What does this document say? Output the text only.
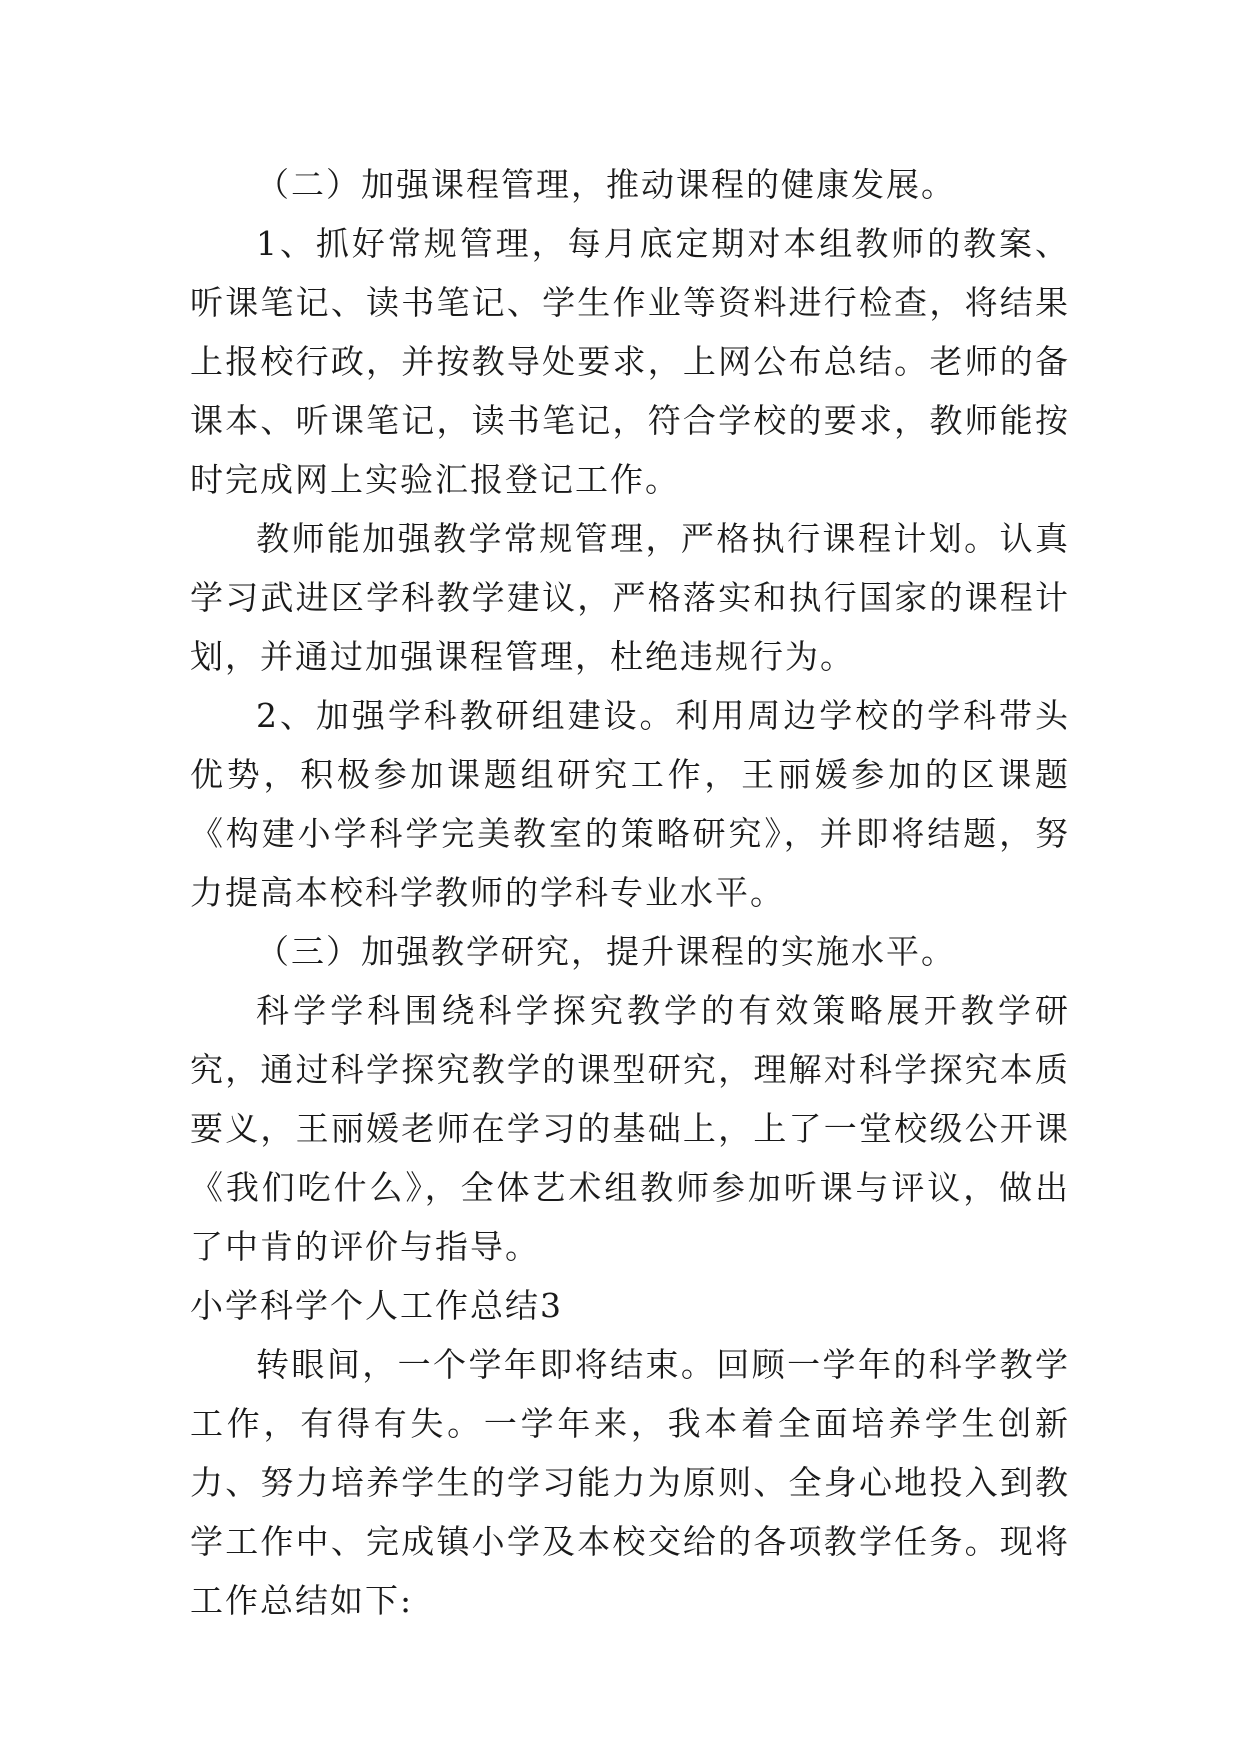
（二）加强课程管理，推动课程的健康发展。

1、抓好常规管理，每月底定期对本组教师的教案、听课笔记、读书笔记、学生作业等资料进行检查，将结果上报校行政，并按教导处要求，上网公布总结。老师的备课本、听课笔记，读书笔记，符合学校的要求，教师能按时完成网上实验汇报登记工作。

教师能加强教学常规管理，严格执行课程计划。认真学习武进区学科教学建议，严格落实和执行国家的课程计划，并通过加强课程管理，杜绝违规行为。

2、加强学科教研组建设。利用周边学校的学科带头优势，积极参加课题组研究工作，王丽媛参加的区课题《构建小学科学完美教室的策略研究》，并即将结题，努力提高本校科学教师的学科专业水平。

（三）加强教学研究，提升课程的实施水平。

科学学科围绕科学探究教学的有效策略展开教学研究，通过科学探究教学的课型研究，理解对科学探究本质要义，王丽媛老师在学习的基础上，上了一堂校级公开课《我们吃什么》，全体艺术组教师参加听课与评议，做出了中肯的评价与指导。

小学科学个人工作总结3

转眼间，一个学年即将结束。回顾一学年的科学教学工作，有得有失。一学年来，我本着全面培养学生创新力、努力培养学生的学习能力为原则、全身心地投入到教学工作中、完成镇小学及本校交给的各项教学任务。现将工作总结如下:
